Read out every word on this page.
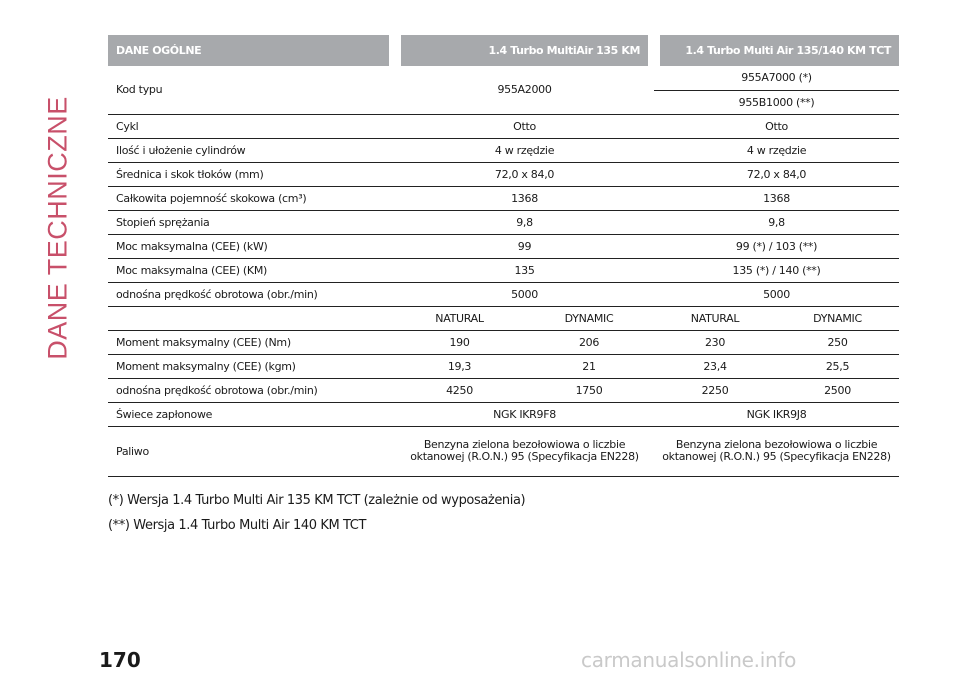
DANE TECHNICZNE
DANE OGÓLNE	1.4 Turbo MultiAir 135 KM		1.4 Turbo Multi Air 135/140 KM TCT	
Kod typu	955A2000		955A7000 (*)	
			955B1000 (**)	
Cykl	Otto		Otto	
Ilość i ułożenie cylindrów	4 w rzędzie		4 w rzędzie	
Średnica i skok tłoków (mm)	72,0 x 84,0		72,0 x 84,0	
Całkowita pojemność skokowa (cm³)	1368		1368	
Stopień sprężania	9,8		9,8	
Moc maksymalna (CEE) (kW)	99		99 (*) / 103 (**)	
Moc maksymalna (CEE) (KM)	135		135 (*) / 140 (**)	
odnośna prędkość obrotowa (obr./min)	5000		5000	
	NATURAL	DYNAMIC	NATURAL	DYNAMIC
Moment maksymalny (CEE) (Nm)	190	206	230	250
Moment maksymalny (CEE) (kgm)	19,3	21	23,4	25,5
odnośna prędkość obrotowa (obr./min)	4250	1750	2250	2500
Świece zapłonowe	NGK IKR9F8		NGK IKR9J8	
Paliwo	Benzyna zielona bezołowiowa o liczbie oktanowej (R.O.N.) 95 (Specyfikacja EN228)		Benzyna zielona bezołowiowa o liczbie oktanowej (R.O.N.) 95 (Specyfikacja EN228)	
(*) Wersja 1.4 Turbo Multi Air 135 KM TCT (zależnie od wyposażenia)
(**) Wersja 1.4 Turbo Multi Air 140 KM TCT
170	carmanualsonline.info
